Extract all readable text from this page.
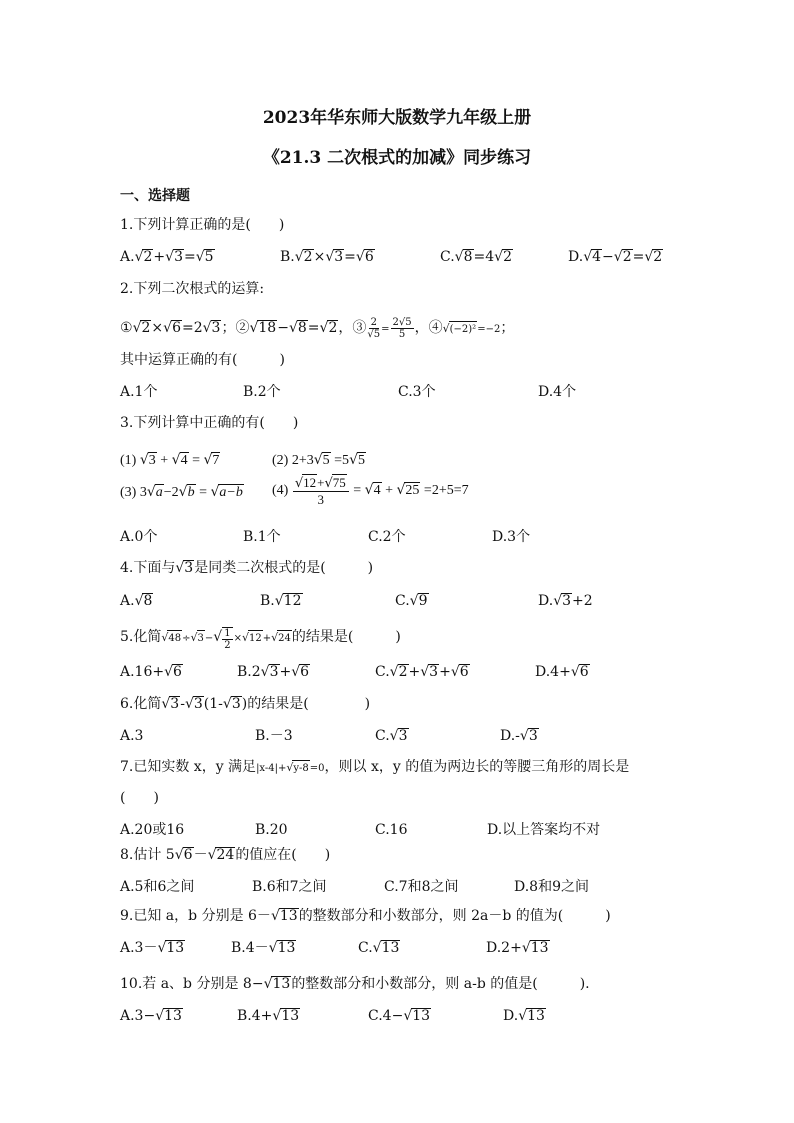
2023年华东师大版数学九年级上册
《21.3 二次根式的加减》同步练习
一、选择题
1.下列计算正确的是(　　)
A.√2+√3=√5	B.√2×√3=√6	C.√8=4√2	D.√4−√2=√2
2.下列二次根式的运算:
①√2×√6=2√3；②√18−√8=√2，③ $\frac{2}{√5} = \frac{2√5}{5}$ ，④√(−2)²=−2；
其中运算正确的有(　　　)
A.1个	B.2个	C.3个	D.4个
3.下列计算中正确的有(　　)
(1) √3 + √4 = √7	(2) 2+3√5 =5√5
(3) 3√a−2√b = √a−b $(4) \frac{√12+√75}{3} = √4 + √25 =2+5=7$
A.0个	B.1个	C.2个	D.3个
4.下面与√3是同类二次根式的是(　　　)
A.√8	B.√12	C.√9	D.√3+2
5.化简$√48\div√3-√ \frac{1}{2} \times√12+√24$的结果是(　　　)
A.16+√6	B.2√3+√6	C.√2+√3+√6	D.4+√6
6.化简√3-√3(1-√3)的结果是(　　　　)
A.3	B.－3	C.√3	D.-√3
7.已知实数 x，y 满足|x-4|+√y-8=0，则以 x，y 的值为两边长的等腰三角形的周长是
(　　)
A.20或16	B.20	C.16	D.以上答案均不对
8.估计 5√6－√24的值应在(　　)
A.5和6之间	B.6和7之间	C.7和8之间	D.8和9之间
9.已知 a，b 分别是 6－√13的整数部分和小数部分，则 2a－b 的值为(　　　)
A.3－√13	B.4－√13	C.√13	D.2+√13
10.若 a、b 分别是 8−√13的整数部分和小数部分，则 a-b 的值是(　　　).
A.3−√13	B.4+√13	C.4−√13	D.√13
